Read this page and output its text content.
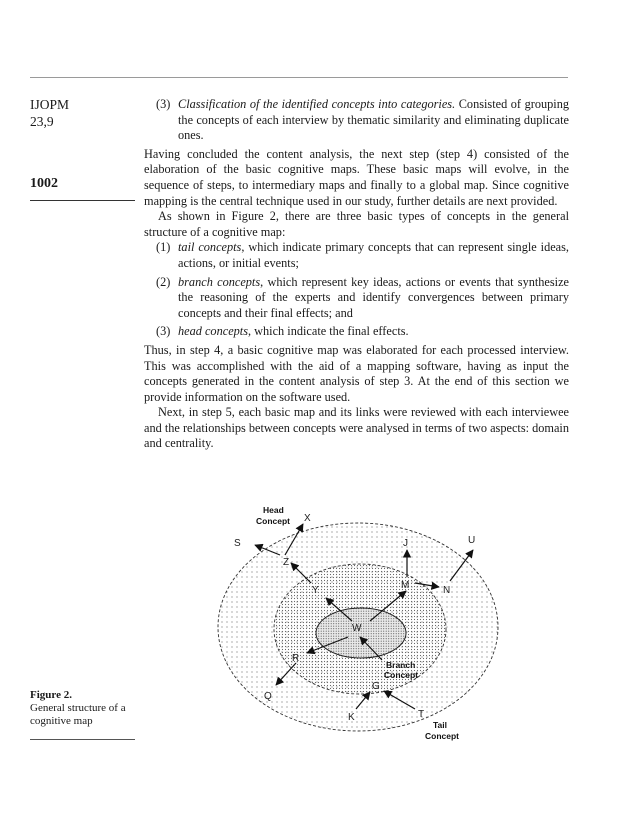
IJOPM
23,9
1002
(3) Classification of the identified concepts into categories. Consisted of grouping the concepts of each interview by thematic similarity and eliminating duplicate ones.

Having concluded the content analysis, the next step (step 4) consisted of the elaboration of the basic cognitive maps. These basic maps will evolve, in the sequence of steps, to intermediary maps and finally to a global map. Since cognitive mapping is the central technique used in our study, further details are next provided.

As shown in Figure 2, there are three basic types of concepts in the general structure of a cognitive map:

(1) tail concepts, which indicate primary concepts that can represent single ideas, actions, or initial events;
(2) branch concepts, which represent key ideas, actions or events that synthesize the reasoning of the experts and identify convergences between primary concepts and their final effects; and
(3) head concepts, which indicate the final effects.

Thus, in step 4, a basic cognitive map was elaborated for each processed interview. This was accomplished with the aid of a mapping software, having as input the concepts generated in the content analysis of step 3. At the end of this section we provide information on the software used.

Next, in step 5, each basic map and its links were reviewed with each interviewee and the relationships between concepts were analysed in terms of two aspects: domain and centrality.

W
Y	M
R
G
Z
J
N
Q
K
S
X
U
T
Head
Concept
Branch
Concept
Tail
Concept
Figure 2.
General structure of a cognitive map
